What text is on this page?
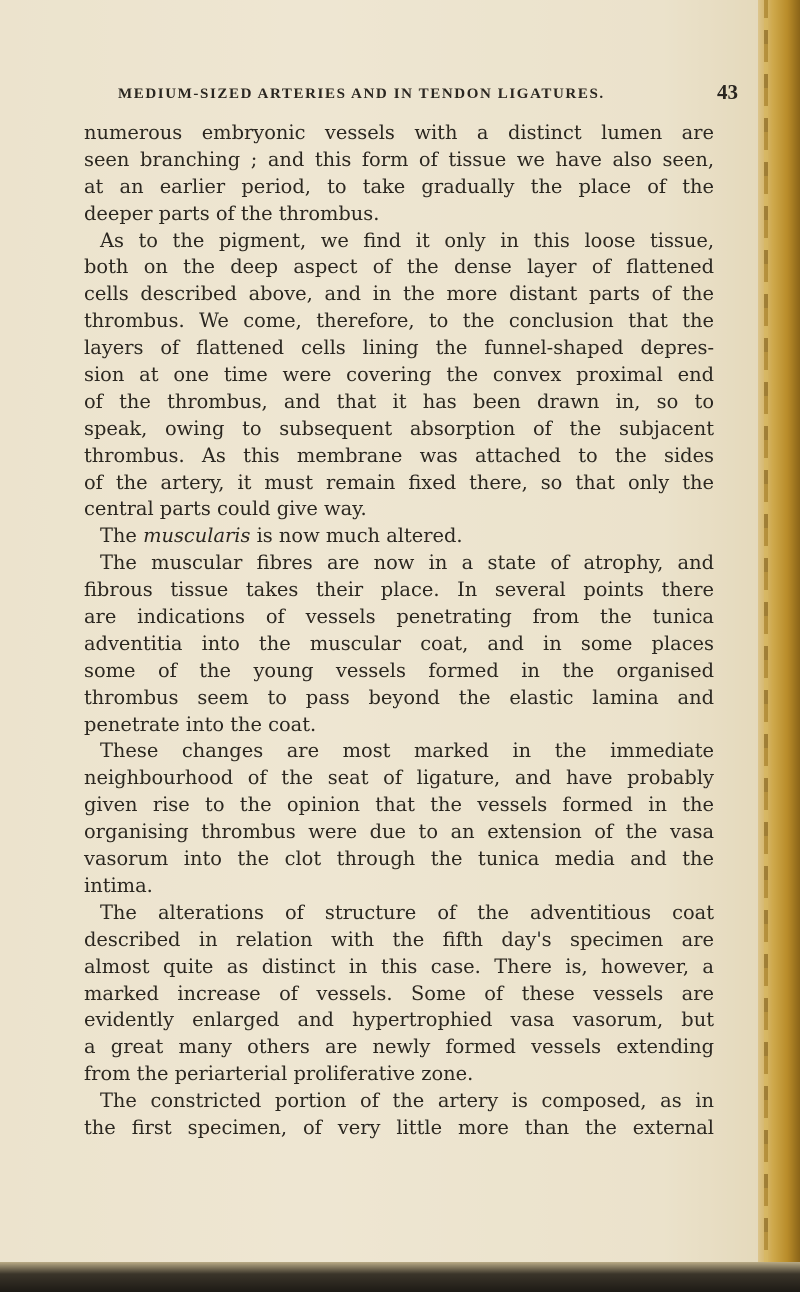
MEDIUM-SIZED ARTERIES AND IN TENDON LIGATURES.	43
numerous embryonic vessels with a distinct lumen are
seen branching ; and this form of tissue we have also seen,
at an earlier period, to take gradually the place of the
deeper parts of the thrombus.
As to the pigment, we find it only in this loose tissue,
both on the deep aspect of the dense layer of flattened
cells described above, and in the more distant parts of the
thrombus. We come, therefore, to the conclusion that the
layers of flattened cells lining the funnel-shaped depres-
sion at one time were covering the convex proximal end
of the thrombus, and that it has been drawn in, so to
speak, owing to subsequent absorption of the subjacent
thrombus. As this membrane was attached to the sides
of the artery, it must remain fixed there, so that only the
central parts could give way.
The muscularis is now much altered.
The muscular fibres are now in a state of atrophy, and
fibrous tissue takes their place. In several points there
are indications of vessels penetrating from the tunica
adventitia into the muscular coat, and in some places
some of the young vessels formed in the organised
thrombus seem to pass beyond the elastic lamina and
penetrate into the coat.
These changes are most marked in the immediate
neighbourhood of the seat of ligature, and have probably
given rise to the opinion that the vessels formed in the
organising thrombus were due to an extension of the vasa
vasorum into the clot through the tunica media and the
intima.
The alterations of structure of the adventitious coat
described in relation with the fifth day's specimen are
almost quite as distinct in this case. There is, however, a
marked increase of vessels. Some of these vessels are
evidently enlarged and hypertrophied vasa vasorum, but
a great many others are newly formed vessels extending
from the periarterial proliferative zone.
The constricted portion of the artery is composed, as in
the first specimen, of very little more than the external
